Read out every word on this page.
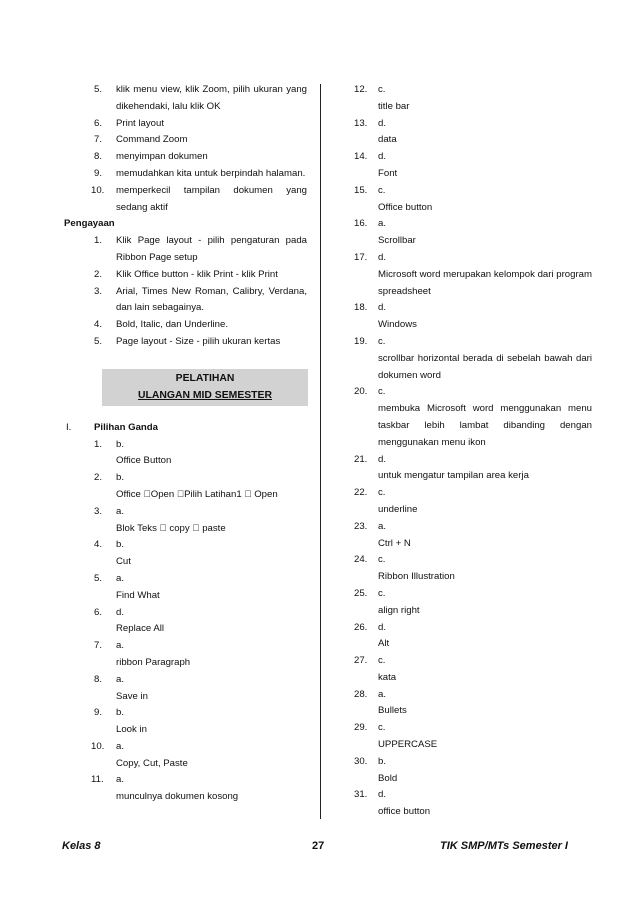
5.	klik menu view, klik Zoom, pilih ukuran yang dikehendaki, lalu klik OK
6.	Print layout
7.	Command Zoom
8.	menyimpan dokumen
9.	memudahkan kita untuk berpindah halaman.
10.	memperkecil tampilan dokumen yang sedang aktif
Pengayaan
1.	Klik Page layout - pilih pengaturan pada Ribbon Page setup
2.	Klik Office button - klik Print - klik Print
3.	Arial, Times New Roman, Calibry, Verdana, dan lain sebagainya.
4.	Bold, Italic, dan Underline.
5.	Page layout - Size - pilih ukuran kertas
PELATIHAN
ULANGAN MID SEMESTER
I. Pilihan Ganda
1.	b.
Office Button
2.	b.
Office Open Pilih Latihan1 Open
3.	a.
Blok Teks copy paste
4.	b.
Cut
5.	a.
Find What
6.	d.
Replace All
7.	a.
ribbon Paragraph
8.	a.
Save in
9.	b.
Look in
10.	a.
Copy, Cut, Paste
11.	a.
munculnya dokumen kosong
12. c.
title bar
13. d.
data
14. d.
Font
15. c.
Office button
16. a.
Scrollbar
17. d.
Microsoft word merupakan kelompok dari program spreadsheet
18. d.
Windows
19. c.
scrollbar horizontal berada di sebelah bawah dari dokumen word
20. c.
membuka Microsoft word menggunakan menu taskbar lebih lambat dibanding dengan menggunakan menu ikon
21. d.
untuk mengatur tampilan area kerja
22. c.
underline
23. a.
Ctrl + N
24. c.
Ribbon Illustration
25. c.
align right
26. d.
Alt
27. c.
kata
28. a.
Bullets
29. c.
UPPERCASE
30. b.
Bold
31. d.
office button
Kelas 8	27	TIK SMP/MTs Semester I
